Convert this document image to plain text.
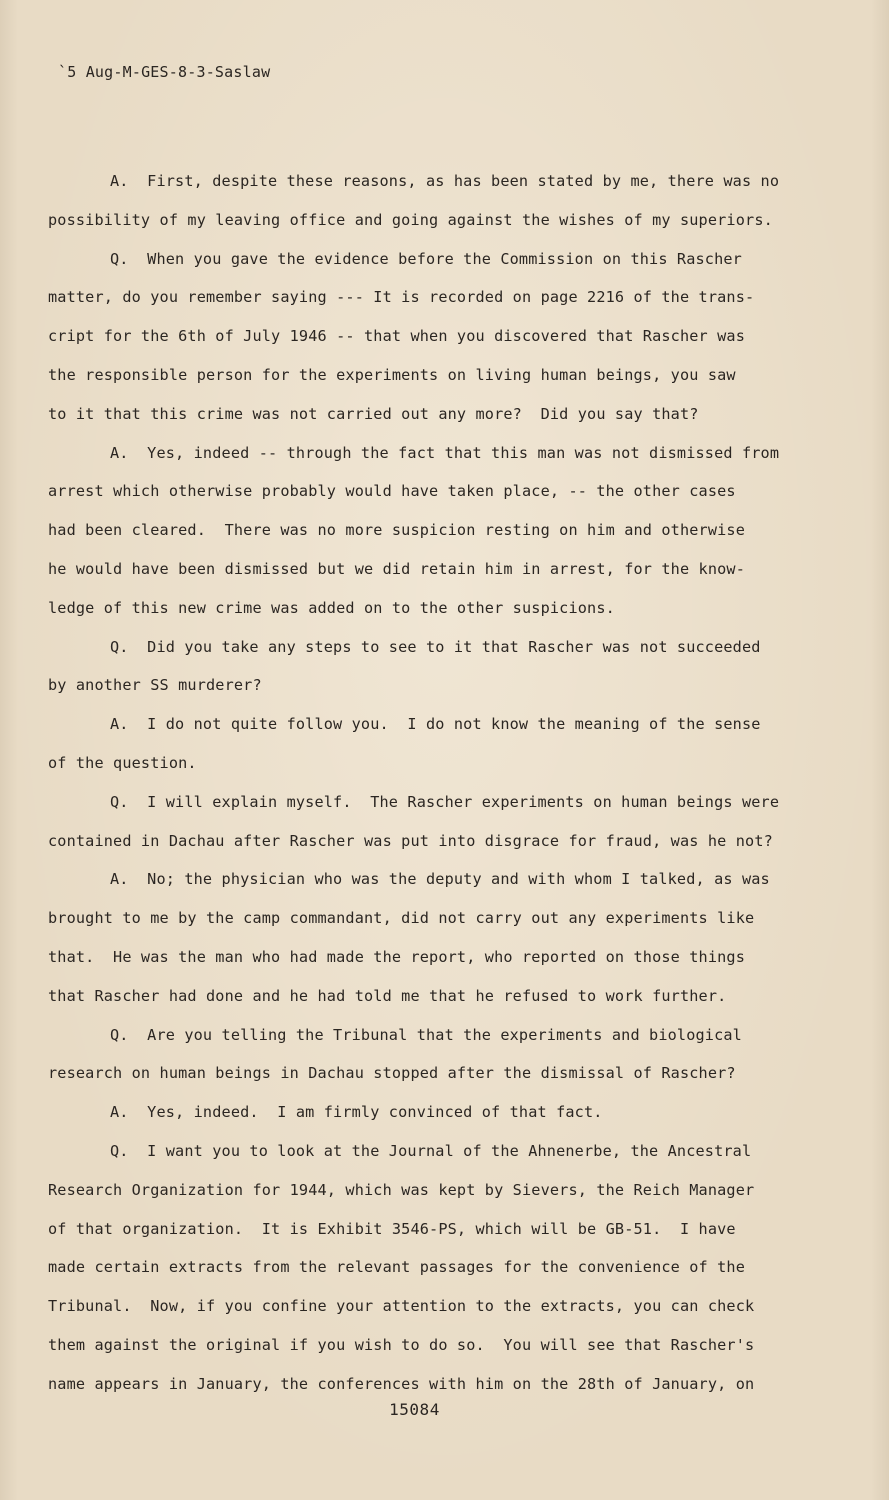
`5 Aug-M-GES-8-3-Saslaw
A.  First, despite these reasons, as has been stated by me, there was no
possibility of my leaving office and going against the wishes of my superiors.
Q.  When you gave the evidence before the Commission on this Rascher
matter, do you remember saying --- It is recorded on page 2216 of the trans-
cript for the 6th of July 1946 -- that when you discovered that Rascher was
the responsible person for the experiments on living human beings, you saw
to it that this crime was not carried out any more?  Did you say that?
A.  Yes, indeed -- through the fact that this man was not dismissed from
arrest which otherwise probably would have taken place, -- the other cases
had been cleared.  There was no more suspicion resting on him and otherwise
he would have been dismissed but we did retain him in arrest, for the know-
ledge of this new crime was added on to the other suspicions.
Q.  Did you take any steps to see to it that Rascher was not succeeded
by another SS murderer?
A.  I do not quite follow you.  I do not know the meaning of the sense
of the question.
Q.  I will explain myself.  The Rascher experiments on human beings were
contained in Dachau after Rascher was put into disgrace for fraud, was he not?
A.  No; the physician who was the deputy and with whom I talked, as was
brought to me by the camp commandant, did not carry out any experiments like
that.  He was the man who had made the report, who reported on those things
that Rascher had done and he had told me that he refused to work further.
Q.  Are you telling the Tribunal that the experiments and biological
research on human beings in Dachau stopped after the dismissal of Rascher?
A.  Yes, indeed.  I am firmly convinced of that fact.
Q.  I want you to look at the Journal of the Ahnenerbe, the Ancestral
Research Organization for 1944, which was kept by Sievers, the Reich Manager
of that organization.  It is Exhibit 3546-PS, which will be GB-51.  I have
made certain extracts from the relevant passages for the convenience of the
Tribunal.  Now, if you confine your attention to the extracts, you can check
them against the original if you wish to do so.  You will see that Rascher's
name appears in January, the conferences with him on the 28th of January, on
15084
